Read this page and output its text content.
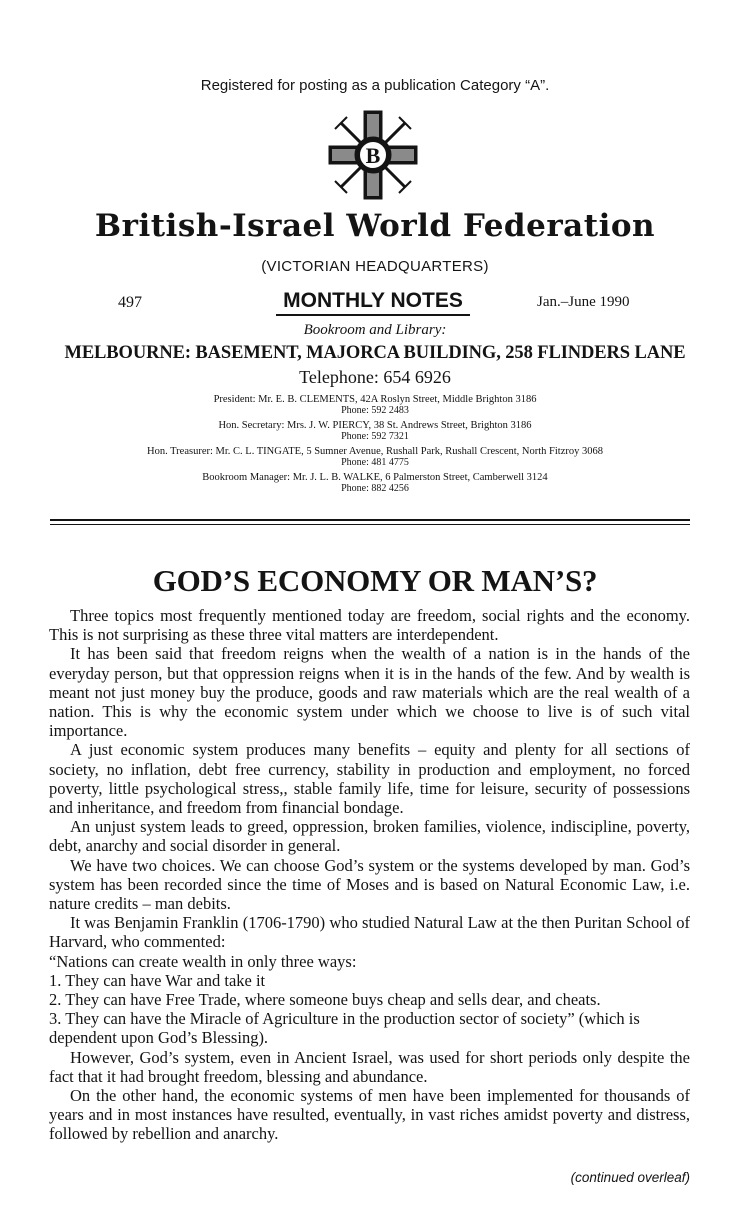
Registered for posting as a publication Category “A”.
B
British-Israel World Federation
(VICTORIAN HEADQUARTERS)
497	MONTHLY NOTES	Jan.–June 1990
Bookroom and Library:
MELBOURNE: BASEMENT, MAJORCA BUILDING, 258 FLINDERS LANE
Telephone: 654 6926
President: Mr. E. B. CLEMENTS, 42A Roslyn Street, Middle Brighton 3186
Phone: 592 2483
Hon. Secretary: Mrs. J. W. PIERCY, 38 St. Andrews Street, Brighton 3186
Phone: 592 7321
Hon. Treasurer: Mr. C. L. TINGATE, 5 Sumner Avenue, Rushall Park, Rushall Crescent, North Fitzroy 3068
Phone: 481 4775
Bookroom Manager: Mr. J. L. B. WALKE, 6 Palmerston Street, Camberwell 3124
Phone: 882 4256
GOD’S ECONOMY OR MAN’S?

Three topics most frequently mentioned today are freedom, social rights and the economy. This is not surprising as these three vital matters are interdependent.

It has been said that freedom reigns when the wealth of a nation is in the hands of the everyday person, but that oppression reigns when it is in the hands of the few. And by wealth is meant not just money buy the produce, goods and raw materials which are the real wealth of a nation. This is why the economic system under which we choose to live is of such vital importance.

A just economic system produces many benefits – equity and plenty for all sections of society, no inflation, debt free currency, stability in production and employment, no forced poverty, little psychological stress,, stable family life, time for leisure, security of possessions and inheritance, and freedom from financial bondage.

An unjust system leads to greed, oppression, broken families, violence, indiscipline, poverty, debt, anarchy and social disorder in general.

We have two choices. We can choose God’s system or the systems developed by man. God’s system has been recorded since the time of Moses and is based on Natural Economic Law, i.e. nature credits – man debits.

It was Benjamin Franklin (1706-1790) who studied Natural Law at the then Puritan School of Harvard, who commented:

“Nations can create wealth in only three ways:
1. They can have War and take it
2. They can have Free Trade, where someone buys cheap and sells dear, and cheats.
3. They can have the Miracle of Agriculture in the production sector of society” (which is dependent upon God’s Blessing).

However, God’s system, even in Ancient Israel, was used for short periods only despite the fact that it had brought freedom, blessing and abundance.

On the other hand, the economic systems of men have been implemented for thousands of years and in most instances have resulted, eventually, in vast riches amidst poverty and distress, followed by rebellion and anarchy.

(continued overleaf)
